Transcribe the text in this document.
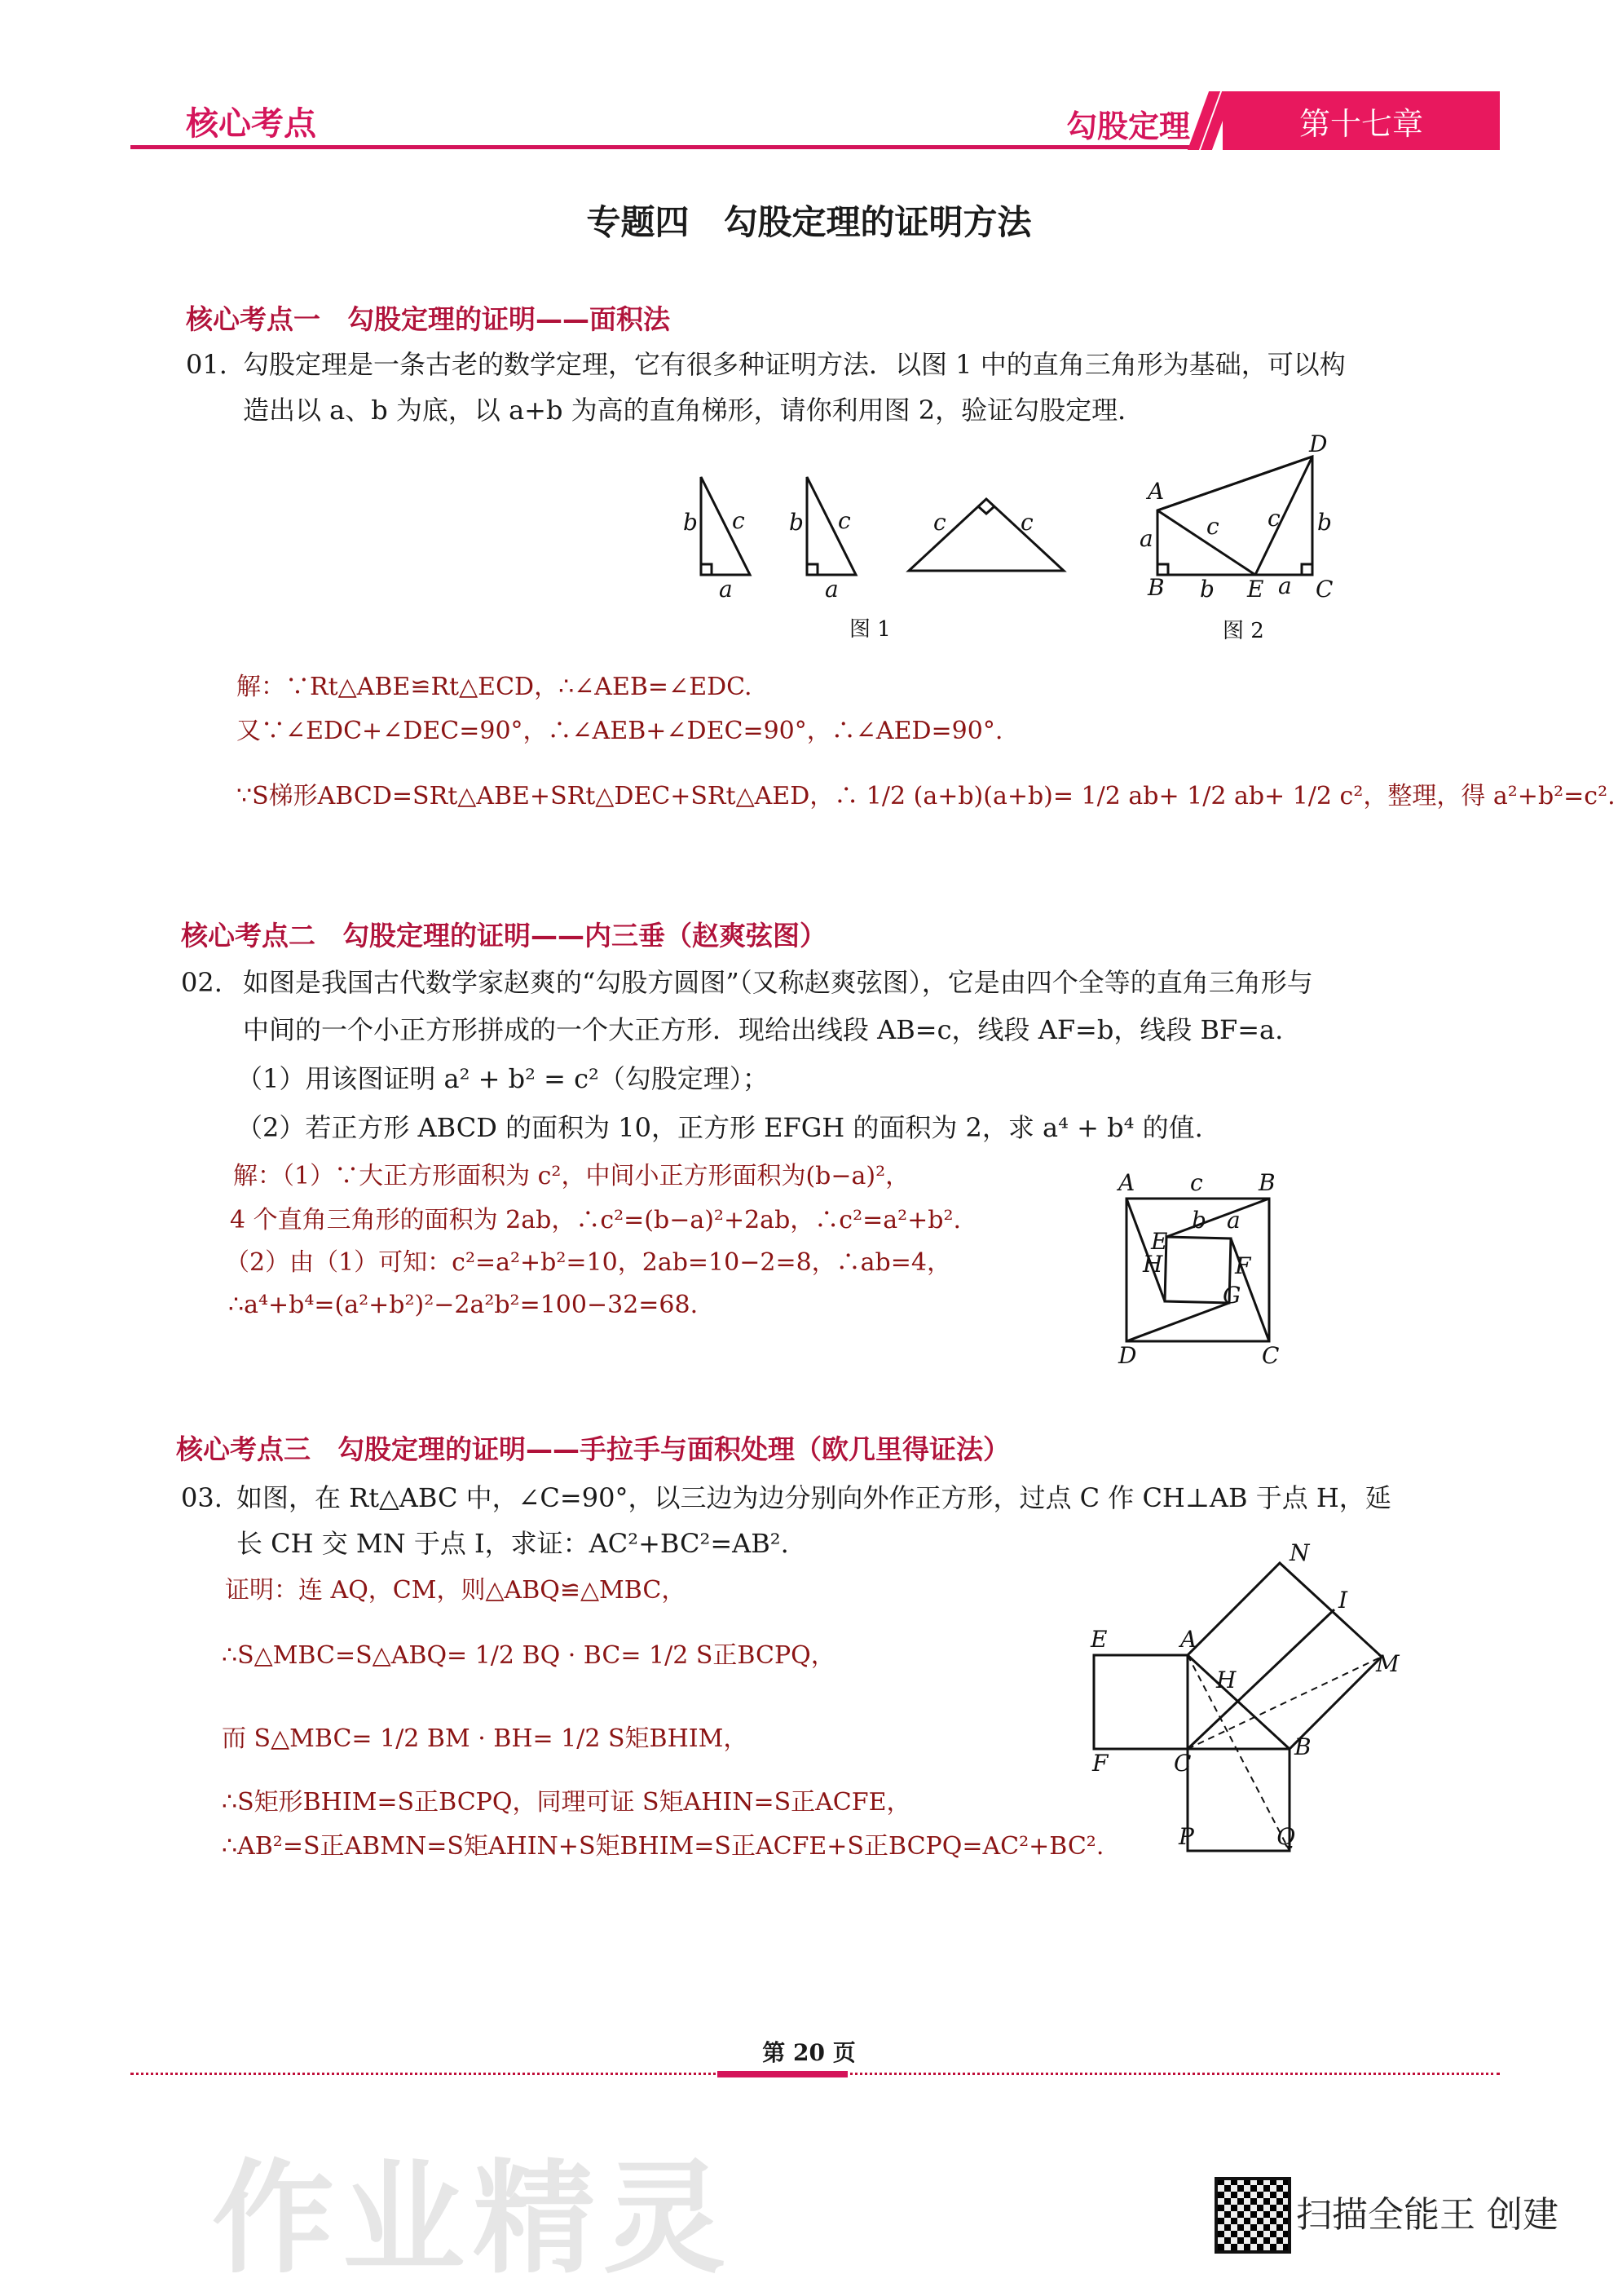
核心考点	勾股定理	第十七章
专题四　勾股定理的证明方法
核心考点一　勾股定理的证明——面积法
01. 勾股定理是一条古老的数学定理，它有很多种证明方法．以图 1 中的直角三角形为基础，可以构
造出以 a、b 为底，以 a+b 为高的直角梯形，请你利用图 2，验证勾股定理．
b c
a
b c
a
c	c
A
a
B b E a C
b
D
c c
图 1	图 2
解：∵Rt△ABE≌Rt△ECD，∴∠AEB=∠EDC.
又∵∠EDC+∠DEC=90°，∴∠AEB+∠DEC=90°，∴∠AED=90°.
∵S梯形ABCD=SRt△ABE+SRt△DEC+SRt△AED，∴ 1/2 (a+b)(a+b)= 1/2 ab+ 1/2 ab+ 1/2 c²，整理，得 a²+b²=c².
核心考点二　勾股定理的证明——内三垂（赵爽弦图）
02. 如图是我国古代数学家赵爽的“勾股方圆图”（又称赵爽弦图），它是由四个全等的直角三角形与
中间的一个小正方形拼成的一个大正方形．现给出线段 AB=c，线段 AF=b，线段 BF=a.
（1）用该图证明 a² + b² = c²（勾股定理）；
（2）若正方形 ABCD 的面积为 10，正方形 EFGH 的面积为 2，求 a⁴ + b⁴ 的值.
解：（1）∵大正方形面积为 c²，中间小正方形面积为(b−a)²，
4 个直角三角形的面积为 2ab，∴c²=(b−a)²+2ab，∴c²=a²+b².
（2）由（1）可知：c²=a²+b²=10，2ab=10−2=8，∴ab=4，
∴a⁴+b⁴=(a²+b²)²−2a²b²=100−32=68.
A c B
E
b a
F
H
G
D	C
核心考点三　勾股定理的证明——手拉手与面积处理（欧几里得证法）
03. 如图，在 Rt△ABC 中，∠C=90°，以三边为边分别向外作正方形，过点 C 作 CH⊥AB 于点 H，延
长 CH 交 MN 于点 I，求证：AC²+BC²=AB².
证明：连 AQ，CM，则△ABQ≌△MBC，
∴S△MBC=S△ABQ= 1/2 BQ · BC= 1/2 S正BCPQ，
而 S△MBC= 1/2 BM · BH= 1/2 S矩BHIM，
∴S矩形BHIM=S正BCPQ，同理可证 S矩AHIN=S正ACFE，
∴AB²=S正ABMN=S矩AHIN+S矩BHIM=S正ACFE+S正BCPQ=AC²+BC².
E	A
N
I
M
H
B
F	C
P	Q
第 20 页
作业精灵	扫描全能王 创建
